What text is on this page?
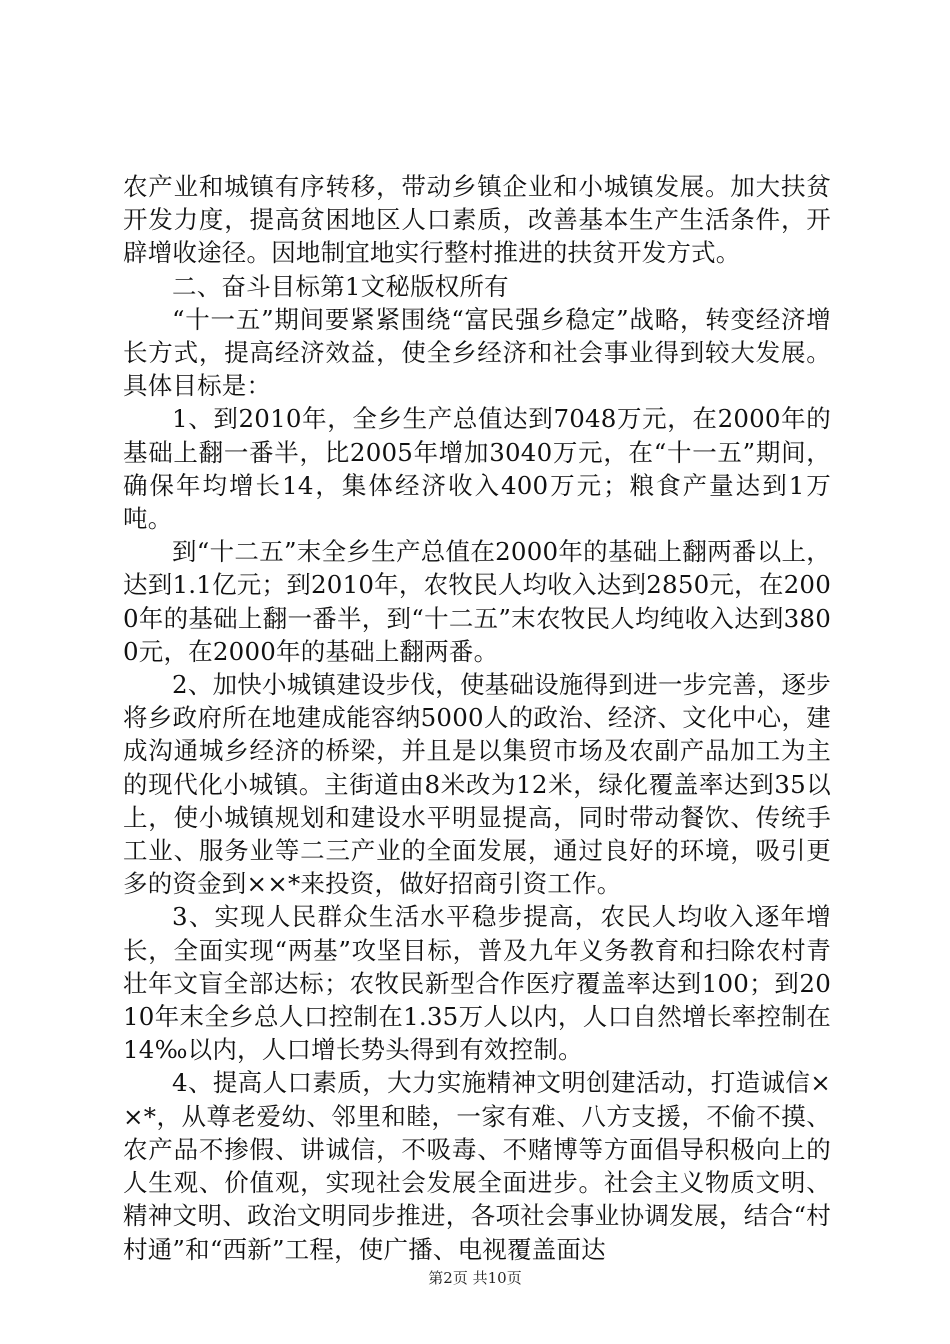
农产业和城镇有序转移，带动乡镇企业和小城镇发展。加大扶贫开发力度，提高贫困地区人口素质，改善基本生产生活条件，开辟增收途径。因地制宜地实行整村推进的扶贫开发方式。

二、奋斗目标第1文秘版权所有

“十一五”期间要紧紧围绕“富民强乡稳定”战略，转变经济增长方式，提高经济效益，使全乡经济和社会事业得到较大发展。具体目标是：

1、到2010年，全乡生产总值达到7048万元，在2000年的基础上翻一番半，比2005年增加3040万元，在“十一五”期间，确保年均增长14，集体经济收入400万元；粮食产量达到1万吨。

到“十二五”末全乡生产总值在2000年的基础上翻两番以上，达到1.1亿元；到2010年，农牧民人均收入达到2850元，在2000年的基础上翻一番半，到“十二五”末农牧民人均纯收入达到3800元，在2000年的基础上翻两番。

2、加快小城镇建设步伐，使基础设施得到进一步完善，逐步将乡政府所在地建成能容纳5000人的政治、经济、文化中心，建成沟通城乡经济的桥梁，并且是以集贸市场及农副产品加工为主的现代化小城镇。主街道由8米改为12米，绿化覆盖率达到35以上，使小城镇规划和建设水平明显提高，同时带动餐饮、传统手工业、服务业等二三产业的全面发展，通过良好的环境，吸引更多的资金到××*来投资，做好招商引资工作。

3、实现人民群众生活水平稳步提高，农民人均收入逐年增长，全面实现“两基”攻坚目标，普及九年义务教育和扫除农村青壮年文盲全部达标；农牧民新型合作医疗覆盖率达到100；到2010年末全乡总人口控制在1.35万人以内，人口自然增长率控制在14‰以内，人口增长势头得到有效控制。

4、提高人口素质，大力实施精神文明创建活动，打造诚信××*，从尊老爱幼、邻里和睦，一家有难、八方支援，不偷不摸、农产品不掺假、讲诚信，不吸毒、不赌博等方面倡导积极向上的人生观、价值观，实现社会发展全面进步。社会主义物质文明、精神文明、政治文明同步推进，各项社会事业协调发展，结合“村村通”和“西新”工程，使广播、电视覆盖面达

第2页 共10页
